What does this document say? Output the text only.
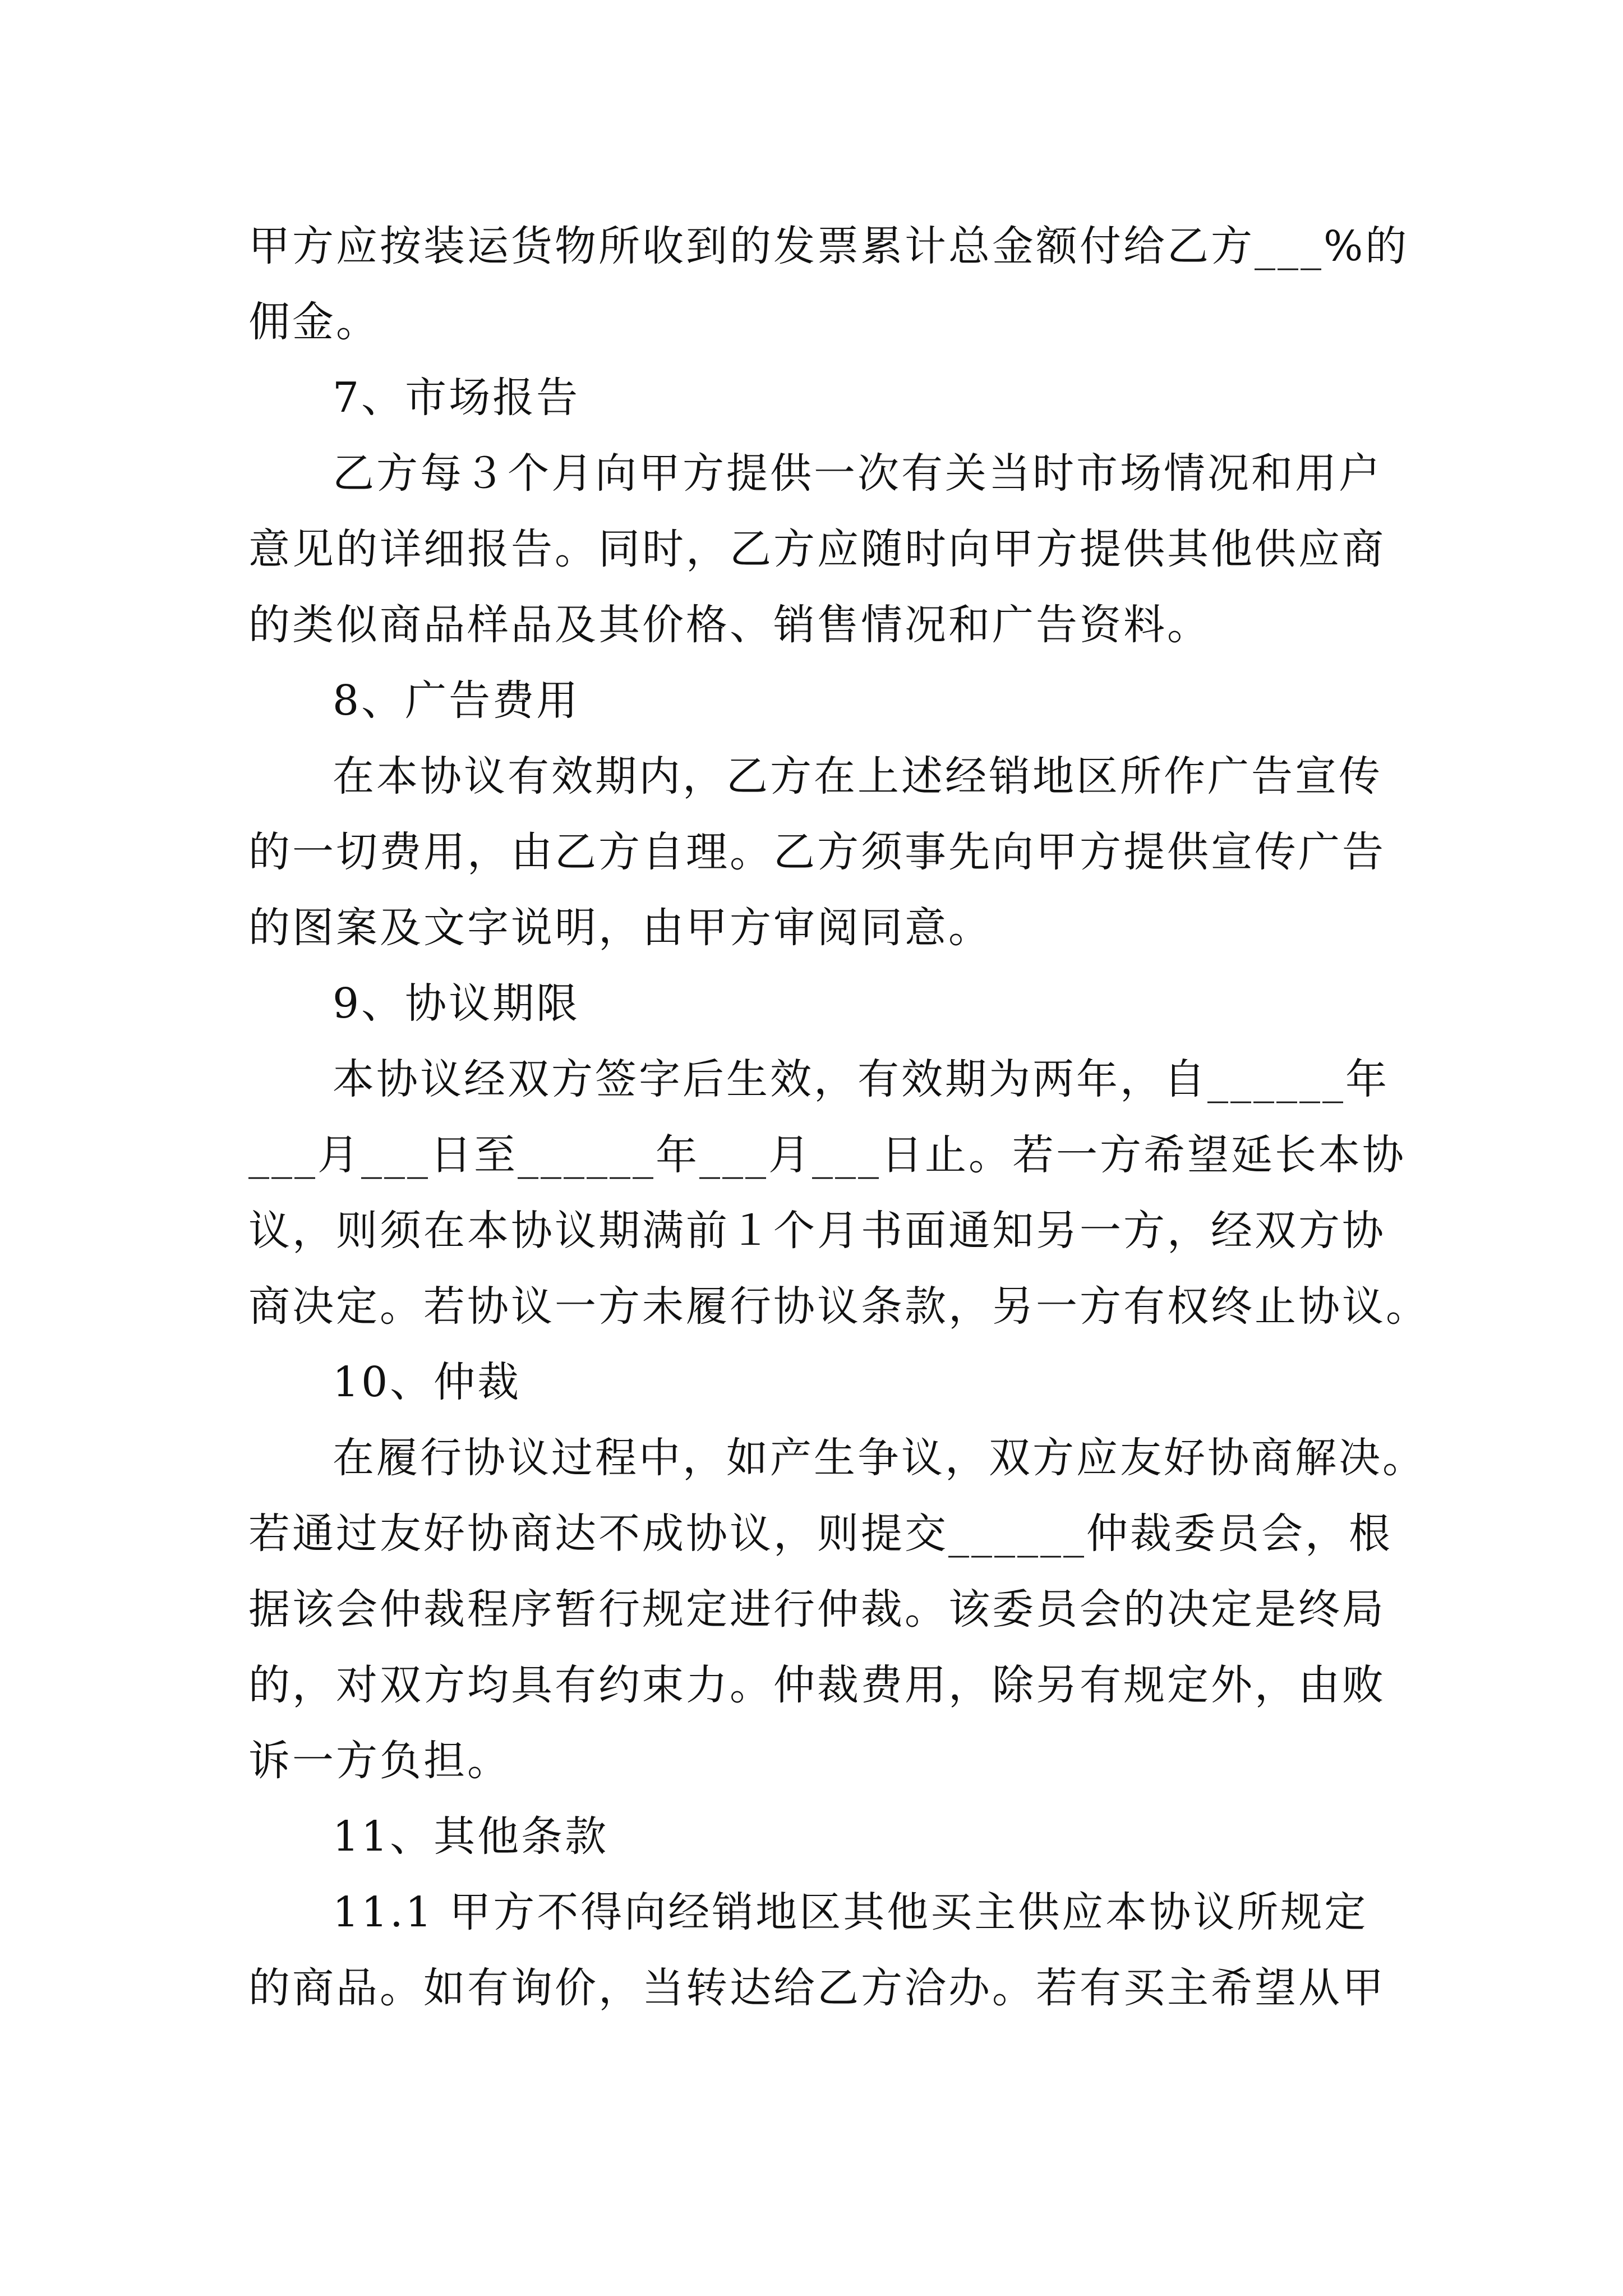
甲方应按装运货物所收到的发票累计总金额付给乙方___%的
佣金。
7、市场报告
乙方每３个月向甲方提供一次有关当时市场情况和用户
意见的详细报告。同时，乙方应随时向甲方提供其他供应商
的类似商品样品及其价格、销售情况和广告资料。
8、广告费用
在本协议有效期内，乙方在上述经销地区所作广告宣传
的一切费用，由乙方自理。乙方须事先向甲方提供宣传广告
的图案及文字说明，由甲方审阅同意。
9、协议期限
本协议经双方签字后生效，有效期为两年，自______年
___月___日至______年___月___日止。若一方希望延长本协
议，则须在本协议期满前１个月书面通知另一方，经双方协
商决定。若协议一方未履行协议条款，另一方有权终止协议。
10、仲裁
在履行协议过程中，如产生争议，双方应友好协商解决。
若通过友好协商达不成协议，则提交______仲裁委员会，根
据该会仲裁程序暂行规定进行仲裁。该委员会的决定是终局
的，对双方均具有约束力。仲裁费用，除另有规定外，由败
诉一方负担。
11、其他条款
11.1 甲方不得向经销地区其他买主供应本协议所规定
的商品。如有询价，当转达给乙方洽办。若有买主希望从甲
